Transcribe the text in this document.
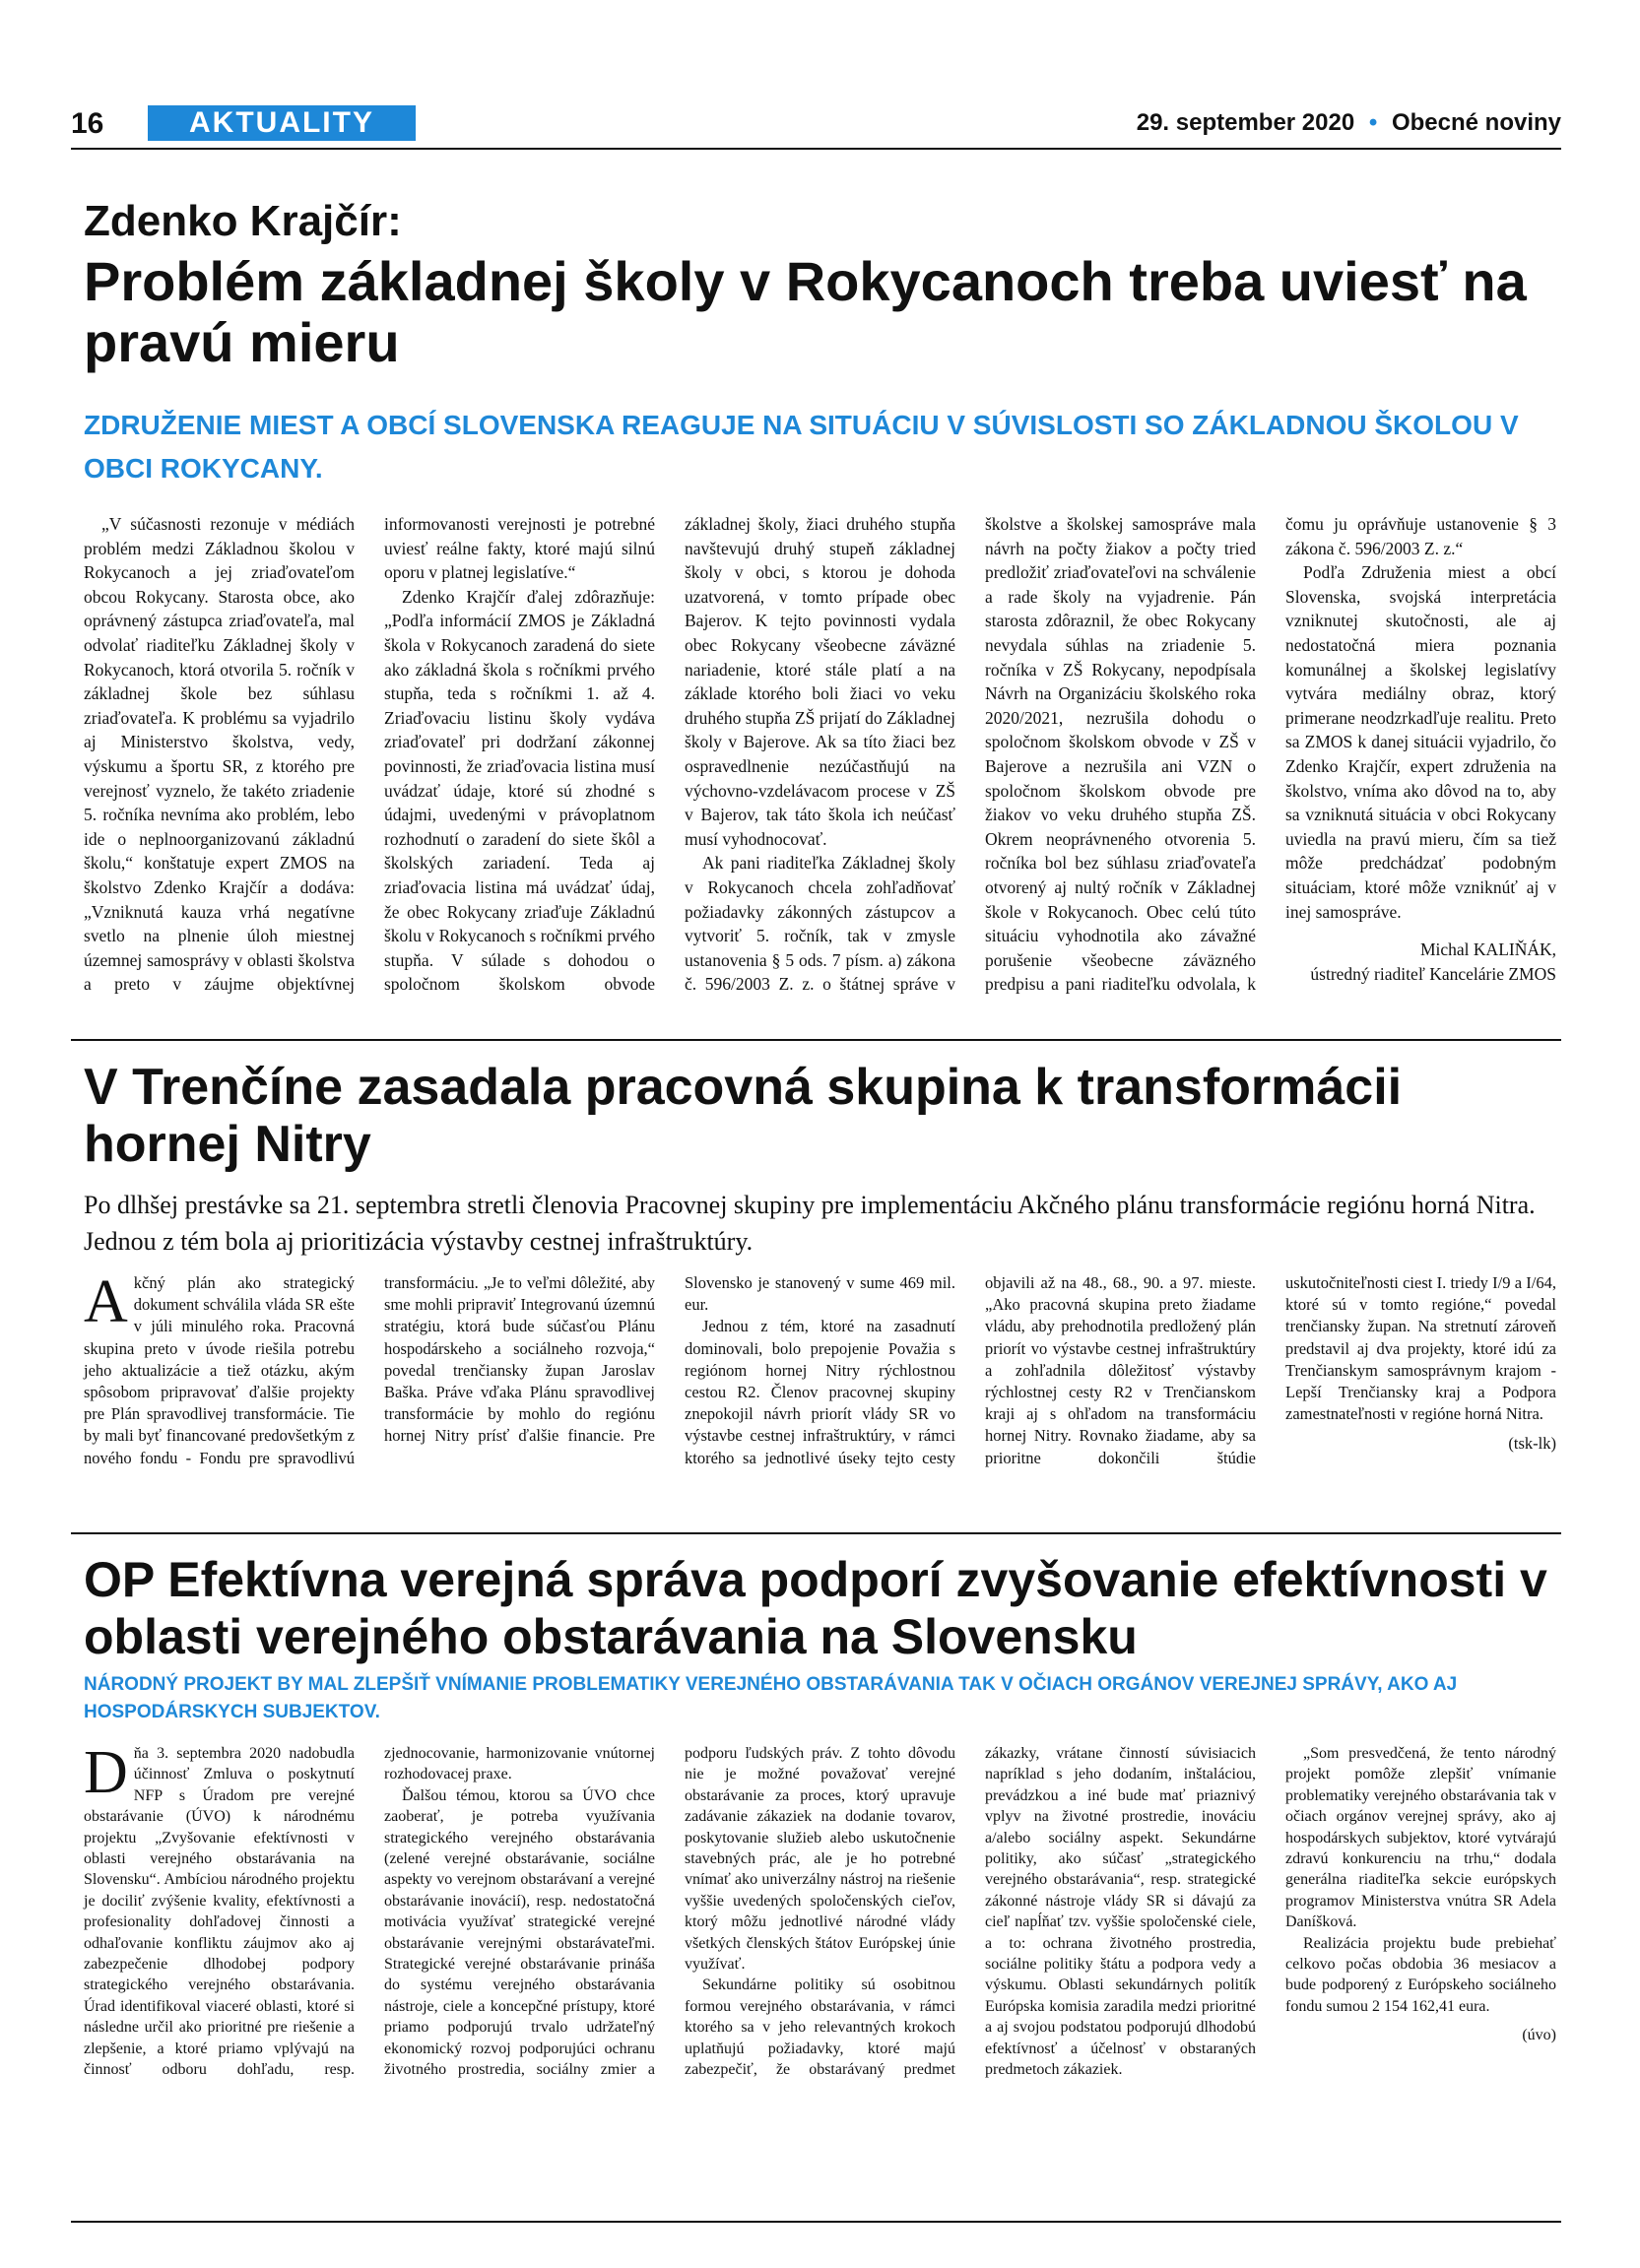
16	AKTUALITY	29. september 2020 • Obecné noviny
Zdenko Krajčír:
Problém základnej školy v Rokycanoch treba uviesť na pravú mieru

ZDRUŽENIE MIEST A OBCÍ SLOVENSKA REAGUJE NA SITUÁCIU V SÚVISLOSTI SO ZÁKLADNOU ŠKOLOU V OBCI ROKYCANY.

„V súčasnosti rezonuje v médiách problém medzi Základnou školou v Rokycanoch a jej zriaďovateľom obcou Rokycany. Starosta obce, ako oprávnený zástupca zriaďovateľa, mal odvolať riaditeľku Základnej školy v Rokycanoch, ktorá otvorila 5. ročník v základnej škole bez súhlasu zriaďovateľa. K problému sa vyjadrilo aj Ministerstvo školstva, vedy, výskumu a športu SR, z ktorého pre verejnosť vyznelo, že takéto zriadenie 5. ročníka nevníma ako problém, lebo ide o neplnoorganizovanú základnú školu,“ konštatuje expert ZMOS na školstvo Zdenko Krajčír a dodáva: „Vzniknutá kauza vrhá negatívne svetlo na plnenie úloh miestnej územnej samosprávy v oblasti školstva a preto v záujme objektívnej informovanosti verejnosti je potrebné uviesť reálne fakty, ktoré majú silnú oporu v platnej legislatíve.“

Zdenko Krajčír ďalej zdôrazňuje: „Podľa informácií ZMOS je Základná škola v Rokycanoch zaradená do siete ako základná škola s ročníkmi prvého stupňa, teda s ročníkmi 1. až 4. Zriaďovaciu listinu školy vydáva zriaďovateľ pri dodržaní zákonnej povinnosti, že zriaďovacia listina musí uvádzať údaje, ktoré sú zhodné s údajmi, uvedenými v právoplatnom rozhodnutí o zaradení do siete škôl a školských zariadení. Teda aj zriaďovacia listina má uvádzať údaj, že obec Rokycany zriaďuje Základnú školu v Rokycanoch s ročníkmi prvého stupňa. V súlade s dohodou o spoločnom školskom obvode základnej školy, žiaci druhého stupňa navštevujú druhý stupeň základnej školy v obci, s ktorou je dohoda uzatvorená, v tomto prípade obec Bajerov. K tejto povinnosti vydala obec Rokycany všeobecne záväzné nariadenie, ktoré stále platí a na základe ktorého boli žiaci vo veku druhého stupňa ZŠ prijatí do Základnej školy v Bajerove. Ak sa títo žiaci bez ospravedlnenie nezúčastňujú na výchovno-vzdelávacom procese v ZŠ v Bajerov, tak táto škola ich neúčasť musí vyhodnocovať.

Ak pani riaditeľka Základnej školy v Rokycanoch chcela zohľadňovať požiadavky zákonných zástupcov a vytvoriť 5. ročník, tak v zmysle ustanovenia § 5 ods. 7 písm. a) zákona č. 596/2003 Z. z. o štátnej správe v školstve a školskej samospráve mala návrh na počty žiakov a počty tried predložiť zriaďovateľovi na schválenie a rade školy na vyjadrenie. Pán starosta zdôraznil, že obec Rokycany nevydala súhlas na zriadenie 5. ročníka v ZŠ Rokycany, nepodpísala Návrh na Organizáciu školského roka 2020/2021, nezrušila dohodu o spoločnom školskom obvode v ZŠ v Bajerove a nezrušila ani VZN o spoločnom školskom obvode pre žiakov vo veku druhého stupňa ZŠ. Okrem neoprávneného otvorenia 5. ročníka bol bez súhlasu zriaďovateľa otvorený aj nultý ročník v Základnej škole v Rokycanoch. Obec celú túto situáciu vyhodnotila ako závažné porušenie všeobecne záväzného predpisu a pani riaditeľku odvolala, k čomu ju oprávňuje ustanovenie § 3 zákona č. 596/2003 Z. z.“

Podľa Združenia miest a obcí Slovenska, svojská interpretácia vzniknutej skutočnosti, ale aj nedostatočná miera poznania komunálnej a školskej legislatívy vytvára mediálny obraz, ktorý primerane neodzrkadľuje realitu. Preto sa ZMOS k danej situácii vyjadrilo, čo Zdenko Krajčír, expert združenia na školstvo, vníma ako dôvod na to, aby sa vzniknutá situácia v obci Rokycany uviedla na pravú mieru, čím sa tiež môže predchádzať podobným situáciam, ktoré môže vzniknúť aj v inej samospráve.

Michal KALIŇÁK,

ústredný riaditeľ Kancelárie ZMOS

V Trenčíne zasadala pracovná skupina k transformácii hornej Nitry

Po dlhšej prestávke sa 21. septembra stretli členovia Pracovnej skupiny pre implementáciu Akčného plánu transformácie regiónu horná Nitra. Jednou z tém bola aj prioritizácia výstavby cestnej infraštruktúry.

Akčný plán ako strategický dokument schválila vláda SR ešte v júli minulého roka. Pracovná skupina preto v úvode riešila potrebu jeho aktualizácie a tiež otázku, akým spôsobom pripravovať ďalšie projekty pre Plán spravodlivej transformácie. Tie by mali byť financované predovšetkým z nového fondu - Fondu pre spravodlivú transformáciu. „Je to veľmi dôležité, aby sme mohli pripraviť Integrovanú územnú stratégiu, ktorá bude súčasťou Plánu hospodárskeho a sociálneho rozvoja,“ povedal trenčiansky župan Jaroslav Baška. Práve vďaka Plánu spravodlivej transformácie by mohlo do regiónu hornej Nitry prísť ďalšie financie. Pre Slovensko je stanovený v sume 469 mil. eur.

Jednou z tém, ktoré na zasadnutí dominovali, bolo prepojenie Považia s regiónom hornej Nitry rýchlostnou cestou R2. Členov pracovnej skupiny znepokojil návrh priorít vlády SR vo výstavbe cestnej infraštruktúry, v rámci ktorého sa jednotlivé úseky tejto cesty objavili až na 48., 68., 90. a 97. mieste. „Ako pracovná skupina preto žiadame vládu, aby prehodnotila predložený plán priorít vo výstavbe cestnej infraštruktúry a zohľadnila dôležitosť výstavby rýchlostnej cesty R2 v Trenčianskom kraji aj s ohľadom na transformáciu hornej Nitry. Rovnako žiadame, aby sa prioritne dokončili štúdie uskutočniteľnosti ciest I. triedy I/9 a I/64, ktoré sú v tomto regióne,“ povedal trenčiansky župan. Na stretnutí zároveň predstavil aj dva projekty, ktoré idú za Trenčianskym samosprávnym krajom - Lepší Trenčiansky kraj a Podpora zamestnateľnosti v regióne horná Nitra.

(tsk-lk)

OP Efektívna verejná správa podporí zvyšovanie efektívnosti v oblasti verejného obstarávania na Slovensku

NÁRODNÝ PROJEKT BY MAL ZLEPŠIŤ VNÍMANIE PROBLEMATIKY VEREJNÉHO OBSTARÁVANIA TAK V OČIACH ORGÁNOV VEREJNEJ SPRÁVY, AKO AJ HOSPODÁRSKYCH SUBJEKTOV.

Dňa 3. septembra 2020 nadobudla účinnosť Zmluva o poskytnutí NFP s Úradom pre verejné obstarávanie (ÚVO) k národnému projektu „Zvyšovanie efektívnosti v oblasti verejného obstarávania na Slovensku“. Ambíciou národného projektu je dociliť zvýšenie kvality, efektívnosti a profesionality dohľadovej činnosti a odhaľovanie konfliktu záujmov ako aj zabezpečenie dlhodobej podpory strategického verejného obstarávania. Úrad identifikoval viaceré oblasti, ktoré si následne určil ako prioritné pre riešenie a zlepšenie, a ktoré priamo vplývajú na činnosť odboru dohľadu, resp. zjednocovanie, harmonizovanie vnútornej rozhodovacej praxe.

Ďalšou témou, ktorou sa ÚVO chce zaoberať, je potreba využívania strategického verejného obstarávania (zelené verejné obstarávanie, sociálne aspekty vo verejnom obstarávaní a verejné obstarávanie inovácií), resp. nedostatočná motivácia využívať strategické verejné obstarávanie verejnými obstarávateľmi. Strategické verejné obstarávanie prináša do systému verejného obstarávania nástroje, ciele a koncepčné prístupy, ktoré priamo podporujú trvalo udržateľný ekonomický rozvoj podporujúci ochranu životného prostredia, sociálny zmier a podporu ľudských práv. Z tohto dôvodu nie je možné považovať verejné obstarávanie za proces, ktorý upravuje zadávanie zákaziek na dodanie tovarov, poskytovanie služieb alebo uskutočnenie stavebných prác, ale je ho potrebné vnímať ako univerzálny nástroj na riešenie vyššie uvedených spoločenských cieľov, ktorý môžu jednotlivé národné vlády všetkých členských štátov Európskej únie využívať.

Sekundárne politiky sú osobitnou formou verejného obstarávania, v rámci ktorého sa v jeho relevantných krokoch uplatňujú požiadavky, ktoré majú zabezpečiť, že obstarávaný predmet zákazky, vrátane činností súvisiacich napríklad s jeho dodaním, inštaláciou, prevádzkou a iné bude mať priaznivý vplyv na životné prostredie, inováciu a/alebo sociálny aspekt. Sekundárne politiky, ako súčasť „strategického verejného obstarávania“, resp. strategické zákonné nástroje vlády SR si dávajú za cieľ napĺňať tzv. vyššie spoločenské ciele, a to: ochrana životného prostredia, sociálne politiky štátu a podpora vedy a výskumu. Oblasti sekundárnych politík Európska komisia zaradila medzi prioritné a aj svojou podstatou podporujú dlhodobú efektívnosť a účelnosť v obstaraných predmetoch zákaziek.

„Som presvedčená, že tento národný projekt pomôže zlepšiť vnímanie problematiky verejného obstarávania tak v očiach orgánov verejnej správy, ako aj hospodárskych subjektov, ktoré vytvárajú zdravú konkurenciu na trhu,“ dodala generálna riaditeľka sekcie európskych programov Ministerstva vnútra SR Adela Daníšková.

Realizácia projektu bude prebiehať celkovo počas obdobia 36 mesiacov a bude podporený z Európskeho sociálneho fondu sumou 2 154 162,41 eura.

(úvo)
